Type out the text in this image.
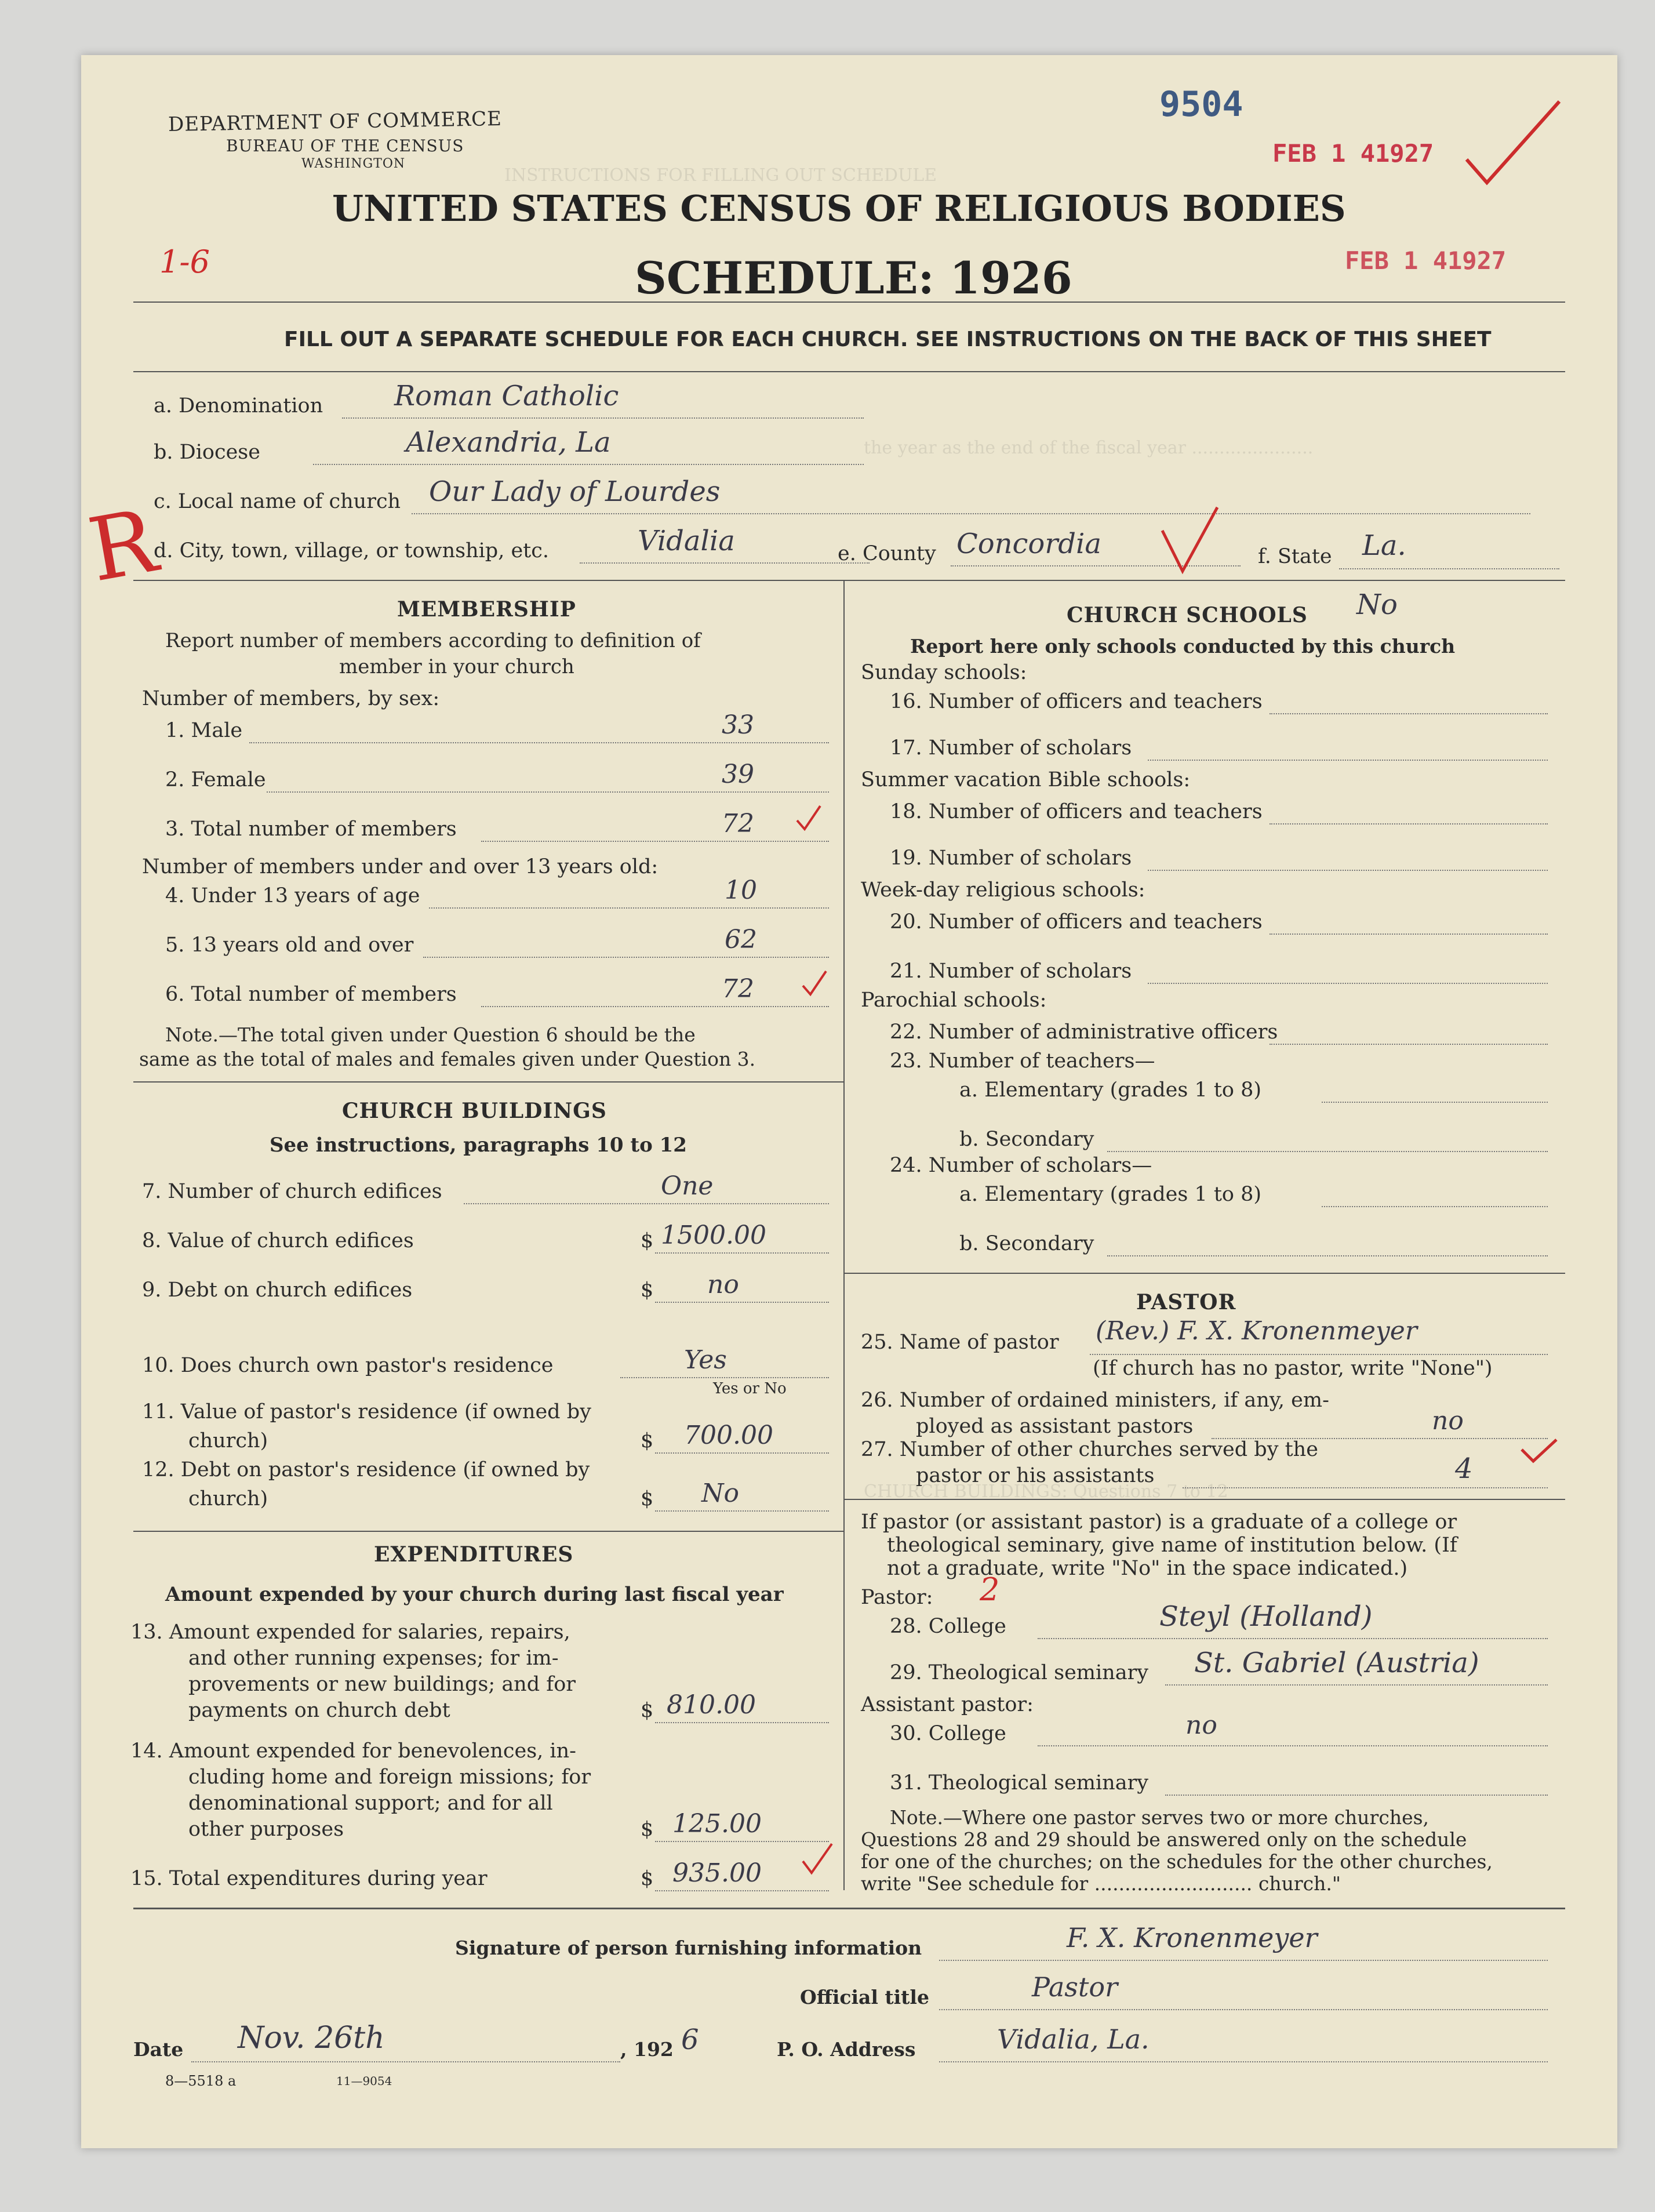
INSTRUCTIONS FOR FILLING OUT SCHEDULE
the year as the end of the fiscal year ......................
CHURCH BUILDINGS: Questions 7 to 12
DEPARTMENT OF COMMERCE
BUREAU OF THE CENSUS
WASHINGTON
9504
FEB 1 41927
FEB 1 41927
1-6
UNITED STATES CENSUS OF RELIGIOUS BODIES
SCHEDULE: 1926
FILL OUT A SEPARATE SCHEDULE FOR EACH CHURCH. SEE INSTRUCTIONS ON THE BACK OF THIS SHEET
R
a. Denomination	Roman Catholic
b. Diocese	Alexandria, La
c. Local name of church Our Lady of Lourdes
d. City, town, village, or township, etc.	Vidalia	e. County Concordia	f. State La.
MEMBERSHIP
Report number of members according to definition of
member in your church
Number of members, by sex:
1. Male	33
2. Female	39
3. Total number of members	72
Number of members under and over 13 years old:
4. Under 13 years of age	10
5. 13 years old and over	62
6. Total number of members	72
Note.—The total given under Question 6 should be the
same as the total of males and females given under Question 3.
CHURCH BUILDINGS
See instructions, paragraphs 10 to 12
7. Number of church edifices	One
8. Value of church edifices	$ 1500.00
9. Debt on church edifices	$ no
10. Does church own pastor's residence	Yes
Yes or No
11. Value of pastor's residence (if owned by
church)	$ 700.00
12. Debt on pastor's residence (if owned by
church)	$ No
EXPENDITURES
Amount expended by your church during last fiscal year
13. Amount expended for salaries, repairs,
and other running expenses; for im-
provements or new buildings; and for
payments on church debt	$ 810.00
14. Amount expended for benevolences, in-
cluding home and foreign missions; for
denominational support; and for all
other purposes	$ 125.00
15. Total expenditures during year	$ 935.00
CHURCH SCHOOLS No
Report here only schools conducted by this church
Sunday schools:
16. Number of officers and teachers
17. Number of scholars
Summer vacation Bible schools:
18. Number of officers and teachers
19. Number of scholars
Week-day religious schools:
20. Number of officers and teachers
21. Number of scholars
Parochial schools:
22. Number of administrative officers
23. Number of teachers—
a. Elementary (grades 1 to 8)
b. Secondary
24. Number of scholars—
a. Elementary (grades 1 to 8)
b. Secondary
PASTOR
25. Name of pastor (Rev.) F. X. Kronenmeyer
(If church has no pastor, write "None")
26. Number of ordained ministers, if any, em-
ployed as assistant pastors	no
27. Number of other churches served by the
pastor or his assistants	4
If pastor (or assistant pastor) is a graduate of a college or
theological seminary, give name of institution below. (If
not a graduate, write "No" in the space indicated.)
Pastor: 2
28. College	Steyl (Holland)
29. Theological seminary St. Gabriel (Austria)
Assistant pastor:
30. College	no
31. Theological seminary
Note.—Where one pastor serves two or more churches,
Questions 28 and 29 should be answered only on the schedule
for one of the churches; on the schedules for the other churches,
write "See schedule for .......................... church."
Signature of person furnishing information	F. X. Kronenmeyer
Official title	Pastor
Date Nov. 26th	, 192 6	P. O. Address	Vidalia, La.
8—5518 a	11—9054
